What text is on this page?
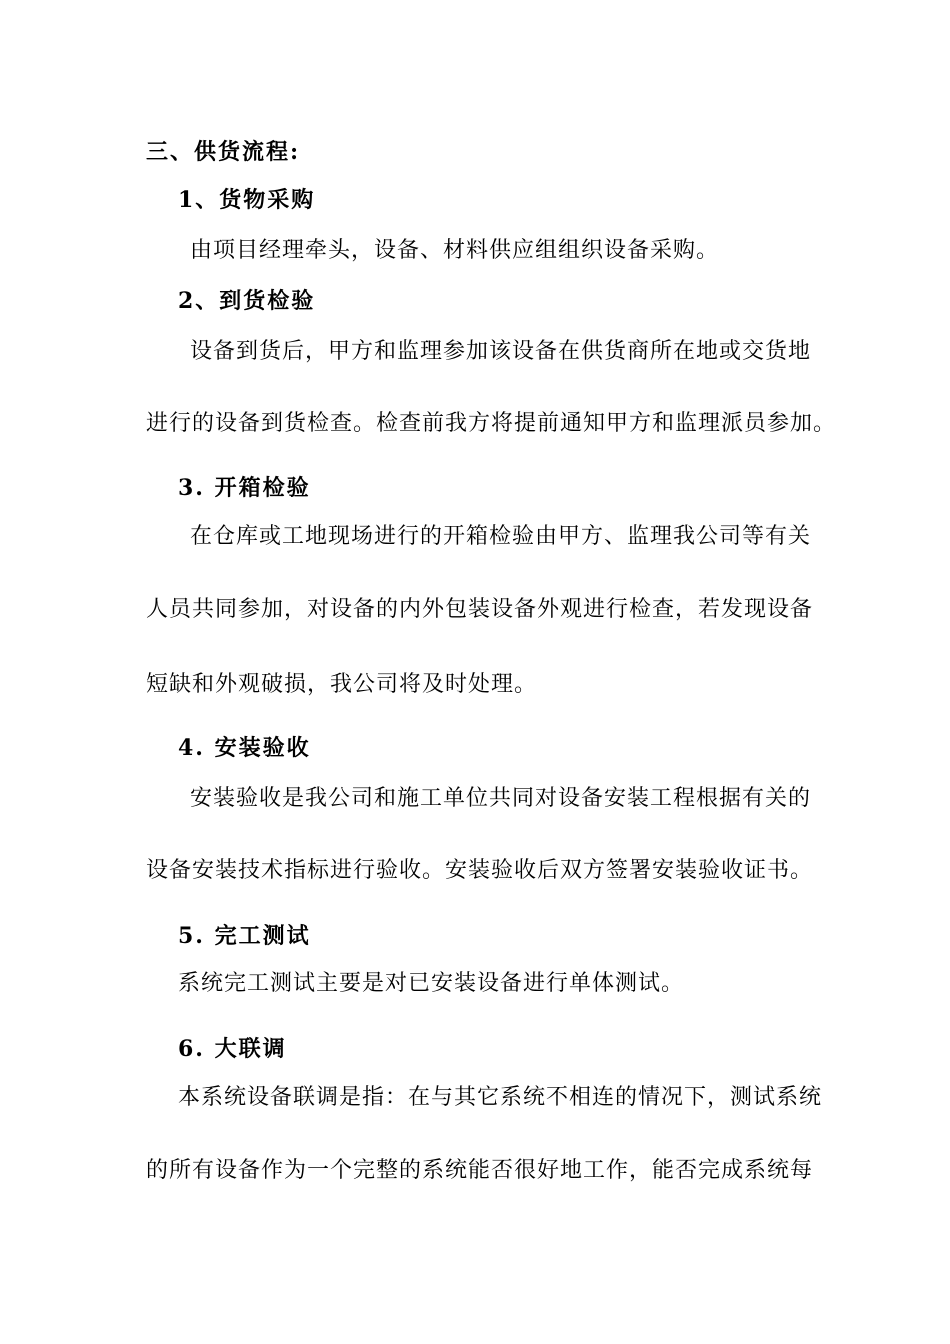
三、供货流程:
1、货物采购
由项目经理牵头，设备、材料供应组组织设备采购。
2、到货检验
设备到货后，甲方和监理参加该设备在供货商所在地或交货地
进行的设备到货检查。检查前我方将提前通知甲方和监理派员参加。
3. 开箱检验
在仓库或工地现场进行的开箱检验由甲方、监理我公司等有关
人员共同参加，对设备的内外包装设备外观进行检查，若发现设备
短缺和外观破损，我公司将及时处理。
4. 安装验收
安装验收是我公司和施工单位共同对设备安装工程根据有关的
设备安装技术指标进行验收。安装验收后双方签署安装验收证书。
5. 完工测试
系统完工测试主要是对已安装设备进行单体测试。
6. 大联调
本系统设备联调是指：在与其它系统不相连的情况下，测试系统
的所有设备作为一个完整的系统能否很好地工作，能否完成系统每
